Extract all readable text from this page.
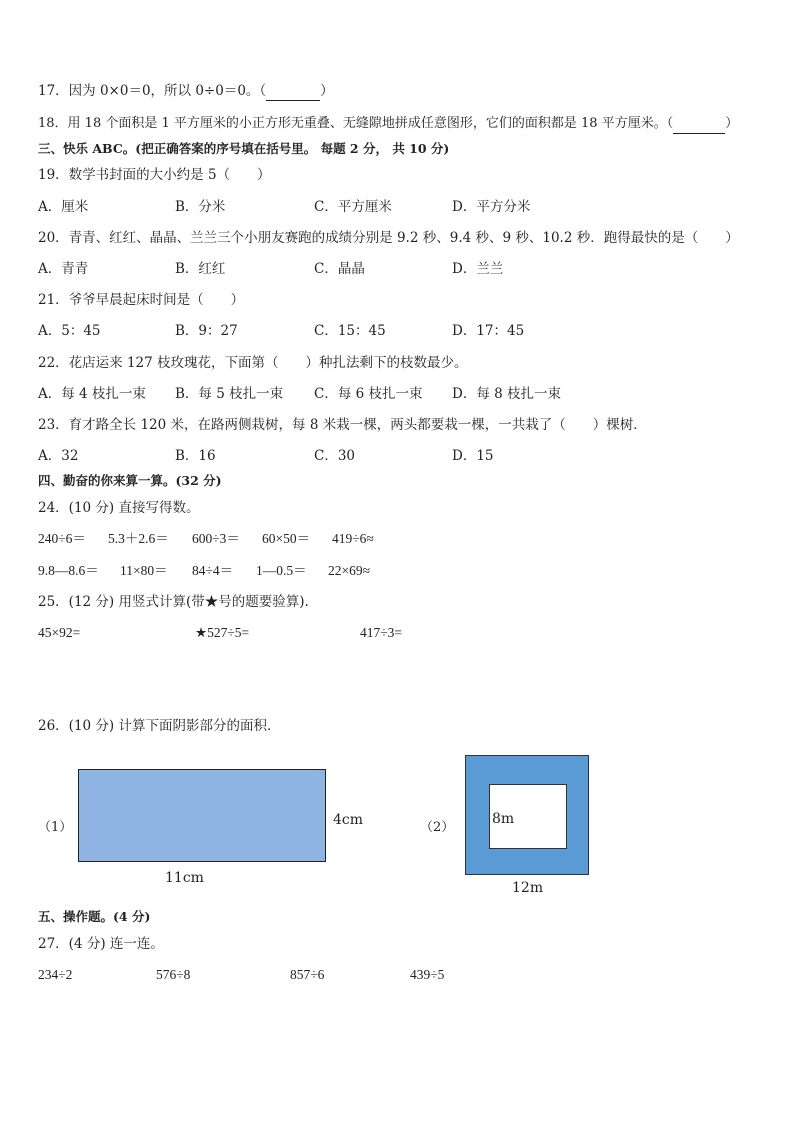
17．因为 0×0＝0，所以 0÷0＝0。（　　　　	）
18．用 18 个面积是 1 平方厘米的小正方形无重叠、无缝隙地拼成任意图形，它们的面积都是 18 平方厘米。（　　　　	）
三、快乐 ABC。(把正确答案的序号填在括号里。 每题 2 分， 共 10 分)
19．数学书封面的大小约是 5（　　）
A．厘米	B．分米	C．平方厘米	D．平方分米
20．青青、红红、晶晶、兰兰三个小朋友赛跑的成绩分别是 9.2 秒、9.4 秒、9 秒、10.2 秒．跑得最快的是（　　）
A．青青	B．红红	C．晶晶	D．兰兰
21．爷爷早晨起床时间是（　　）
A．5：45	B．9：27	C．15：45	D．17：45
22．花店运来 127 枝玫瑰花，下面第（　　）种扎法剩下的枝数最少。
A．每 4 枝扎一束 B．每 5 枝扎一束 C．每 6 枝扎一束 D．每 8 枝扎一束
23．育才路全长 120 米，在路两侧栽树，每 8 米栽一棵，两头都要栽一棵，一共栽了（　　）棵树．
A．32	B．16	C．30	D．15
四、勤奋的你来算一算。(32 分)
24．(10 分) 直接写得数。
240÷6＝ 5.3＋2.6＝ 600÷3＝ 60×50＝ 419÷6≈
9.8—8.6＝ 11×80＝ 84÷4＝ 1—0.5＝ 22×69≈
25．(12 分) 用竖式计算(带★号的题要验算).
45×92=	★527÷5=	417÷3=
26．(10 分) 计算下面阴影部分的面积．
（1）	4cm
11cm
（2）
8m
12m
五、操作题。(4 分)
27．(4 分) 连一连。
234÷2	576÷8	857÷6	439÷5
